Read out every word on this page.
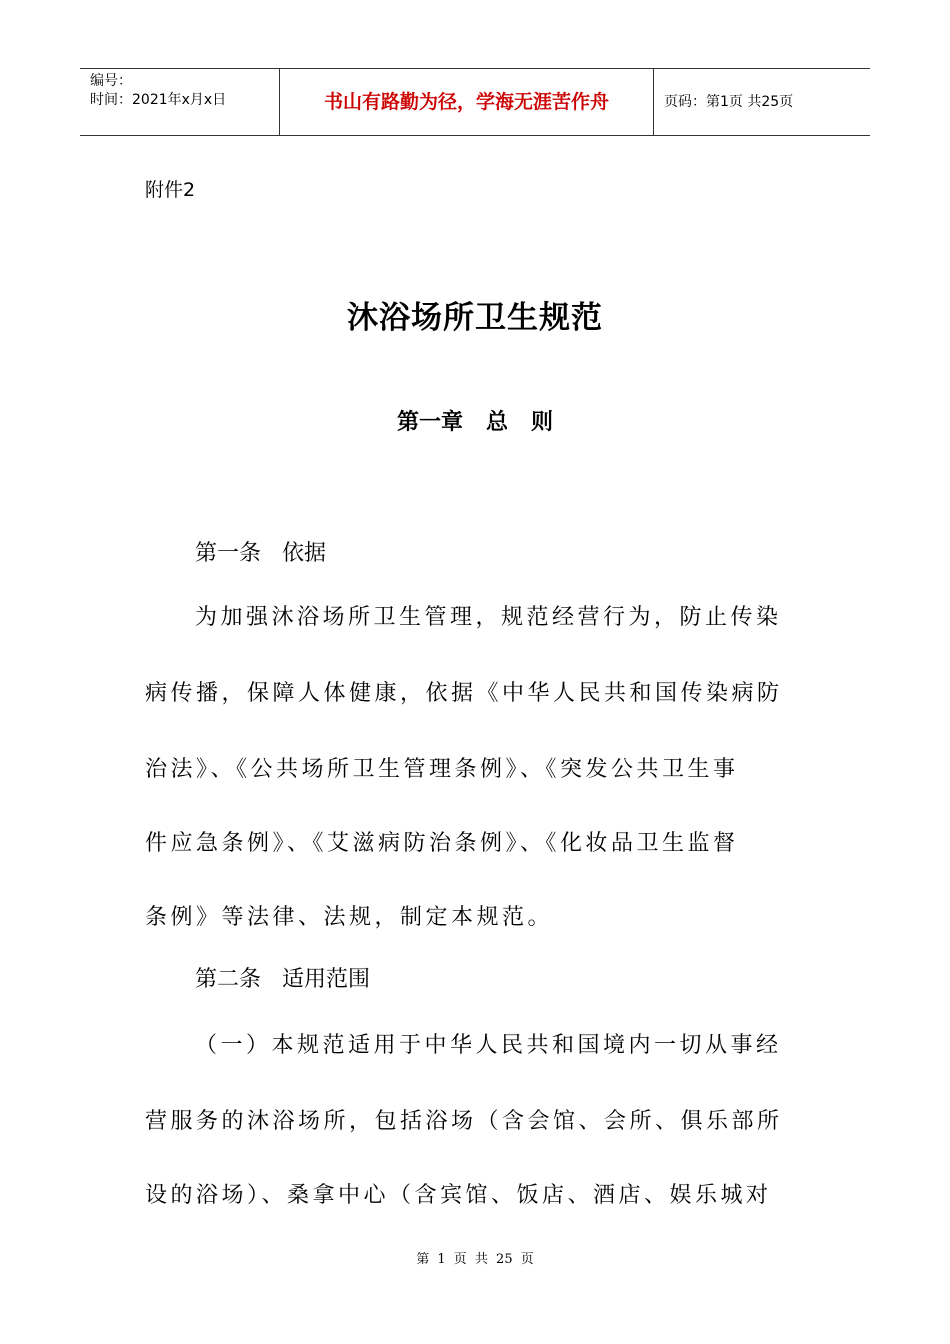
编号：
时间：2021年x月x日	书山有路勤为径，学海无涯苦作舟	页码：第1页 共25页
附件2
沐浴场所卫生规范
第一章   总   则
第一条   依据
为加强沐浴场所卫生管理，规范经营行为，防止传染
病传播，保障人体健康，依据《中华人民共和国传染病防
治法》、《公共场所卫生管理条例》、《突发公共卫生事
件应急条例》、《艾滋病防治条例》、《化妆品卫生监督
条例》等法律、法规，制定本规范。
第二条   适用范围
（一）本规范适用于中华人民共和国境内一切从事经
营服务的沐浴场所，包括浴场（含会馆、会所、俱乐部所
设的浴场）、桑拿中心（含宾馆、饭店、酒店、娱乐城对
第 1 页 共 25 页
